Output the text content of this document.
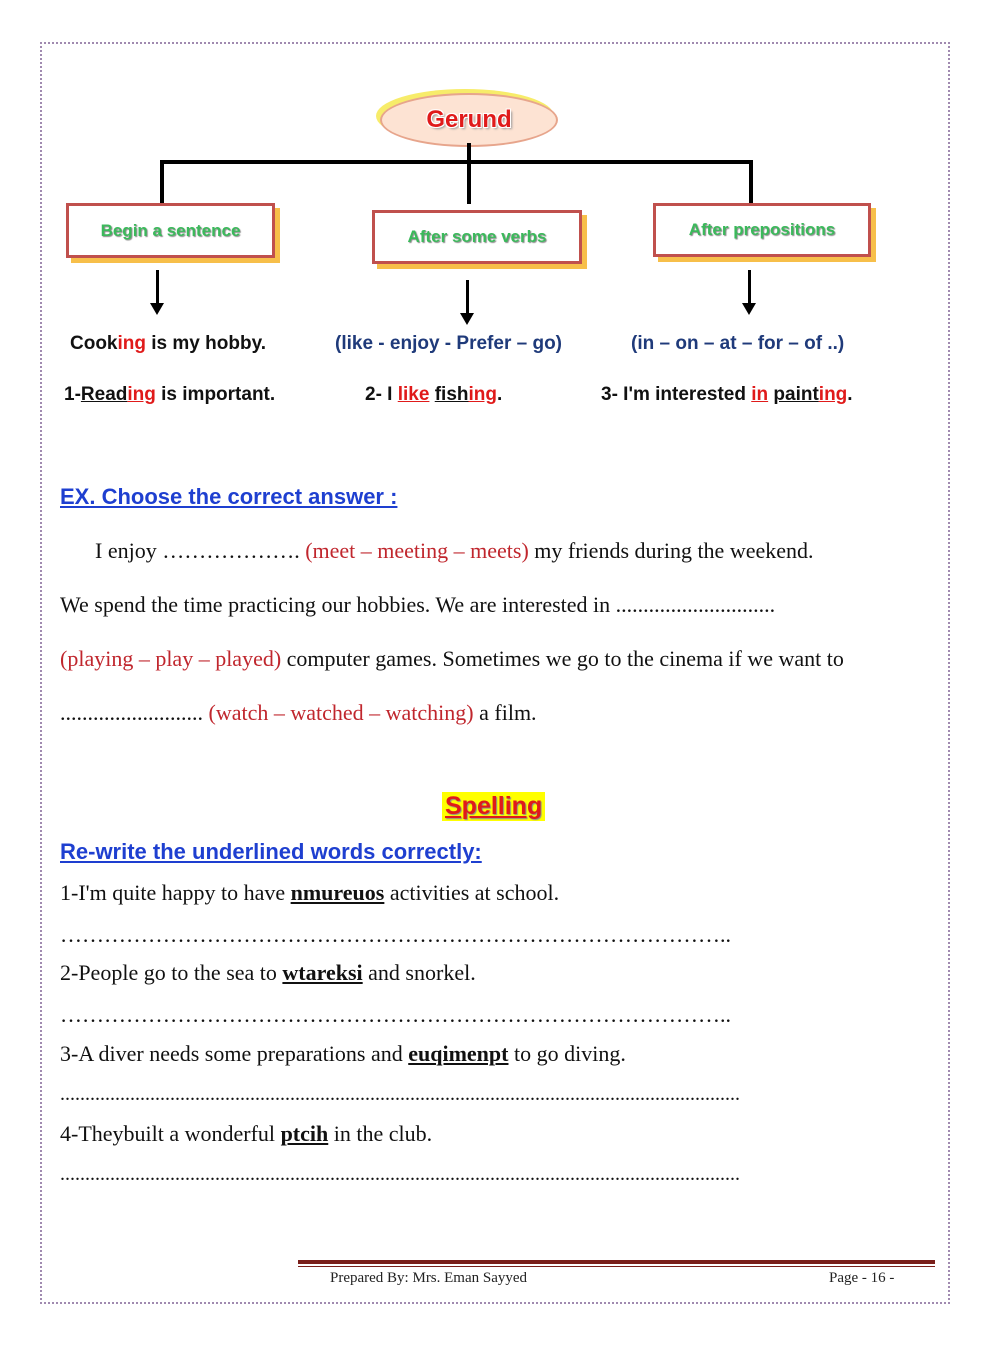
Gerund
Begin a sentence	After some verbs	After prepositions
Cooking is my hobby.	(like - enjoy - Prefer – go)	(in – on – at – for – of ..)
1-Reading is important.	2- I like fishing.	3- I'm interested in painting.
EX. Choose the correct answer :
I enjoy ………………. (meet – meeting – meets) my friends during the weekend.
We spend the time practicing our hobbies. We are interested in .............................
(playing – play – played) computer games. Sometimes we go to the cinema if we want to
.......................... (watch – watched – watching) a film.
Spelling
Re-write the underlined words correctly:
1-I'm quite happy to have nmureuos activities at school.
………………………………………………………………………………..
2-People go to the sea to wtareksi and snorkel.
………………………………………………………………………………..
3-A diver needs some preparations and euqimenpt to go diving.
........................................................................................................................................
4-Theybuilt a wonderful ptcih in the club.
........................................................................................................................................
Prepared By: Mrs. Eman Sayyed	Page - 16 -
